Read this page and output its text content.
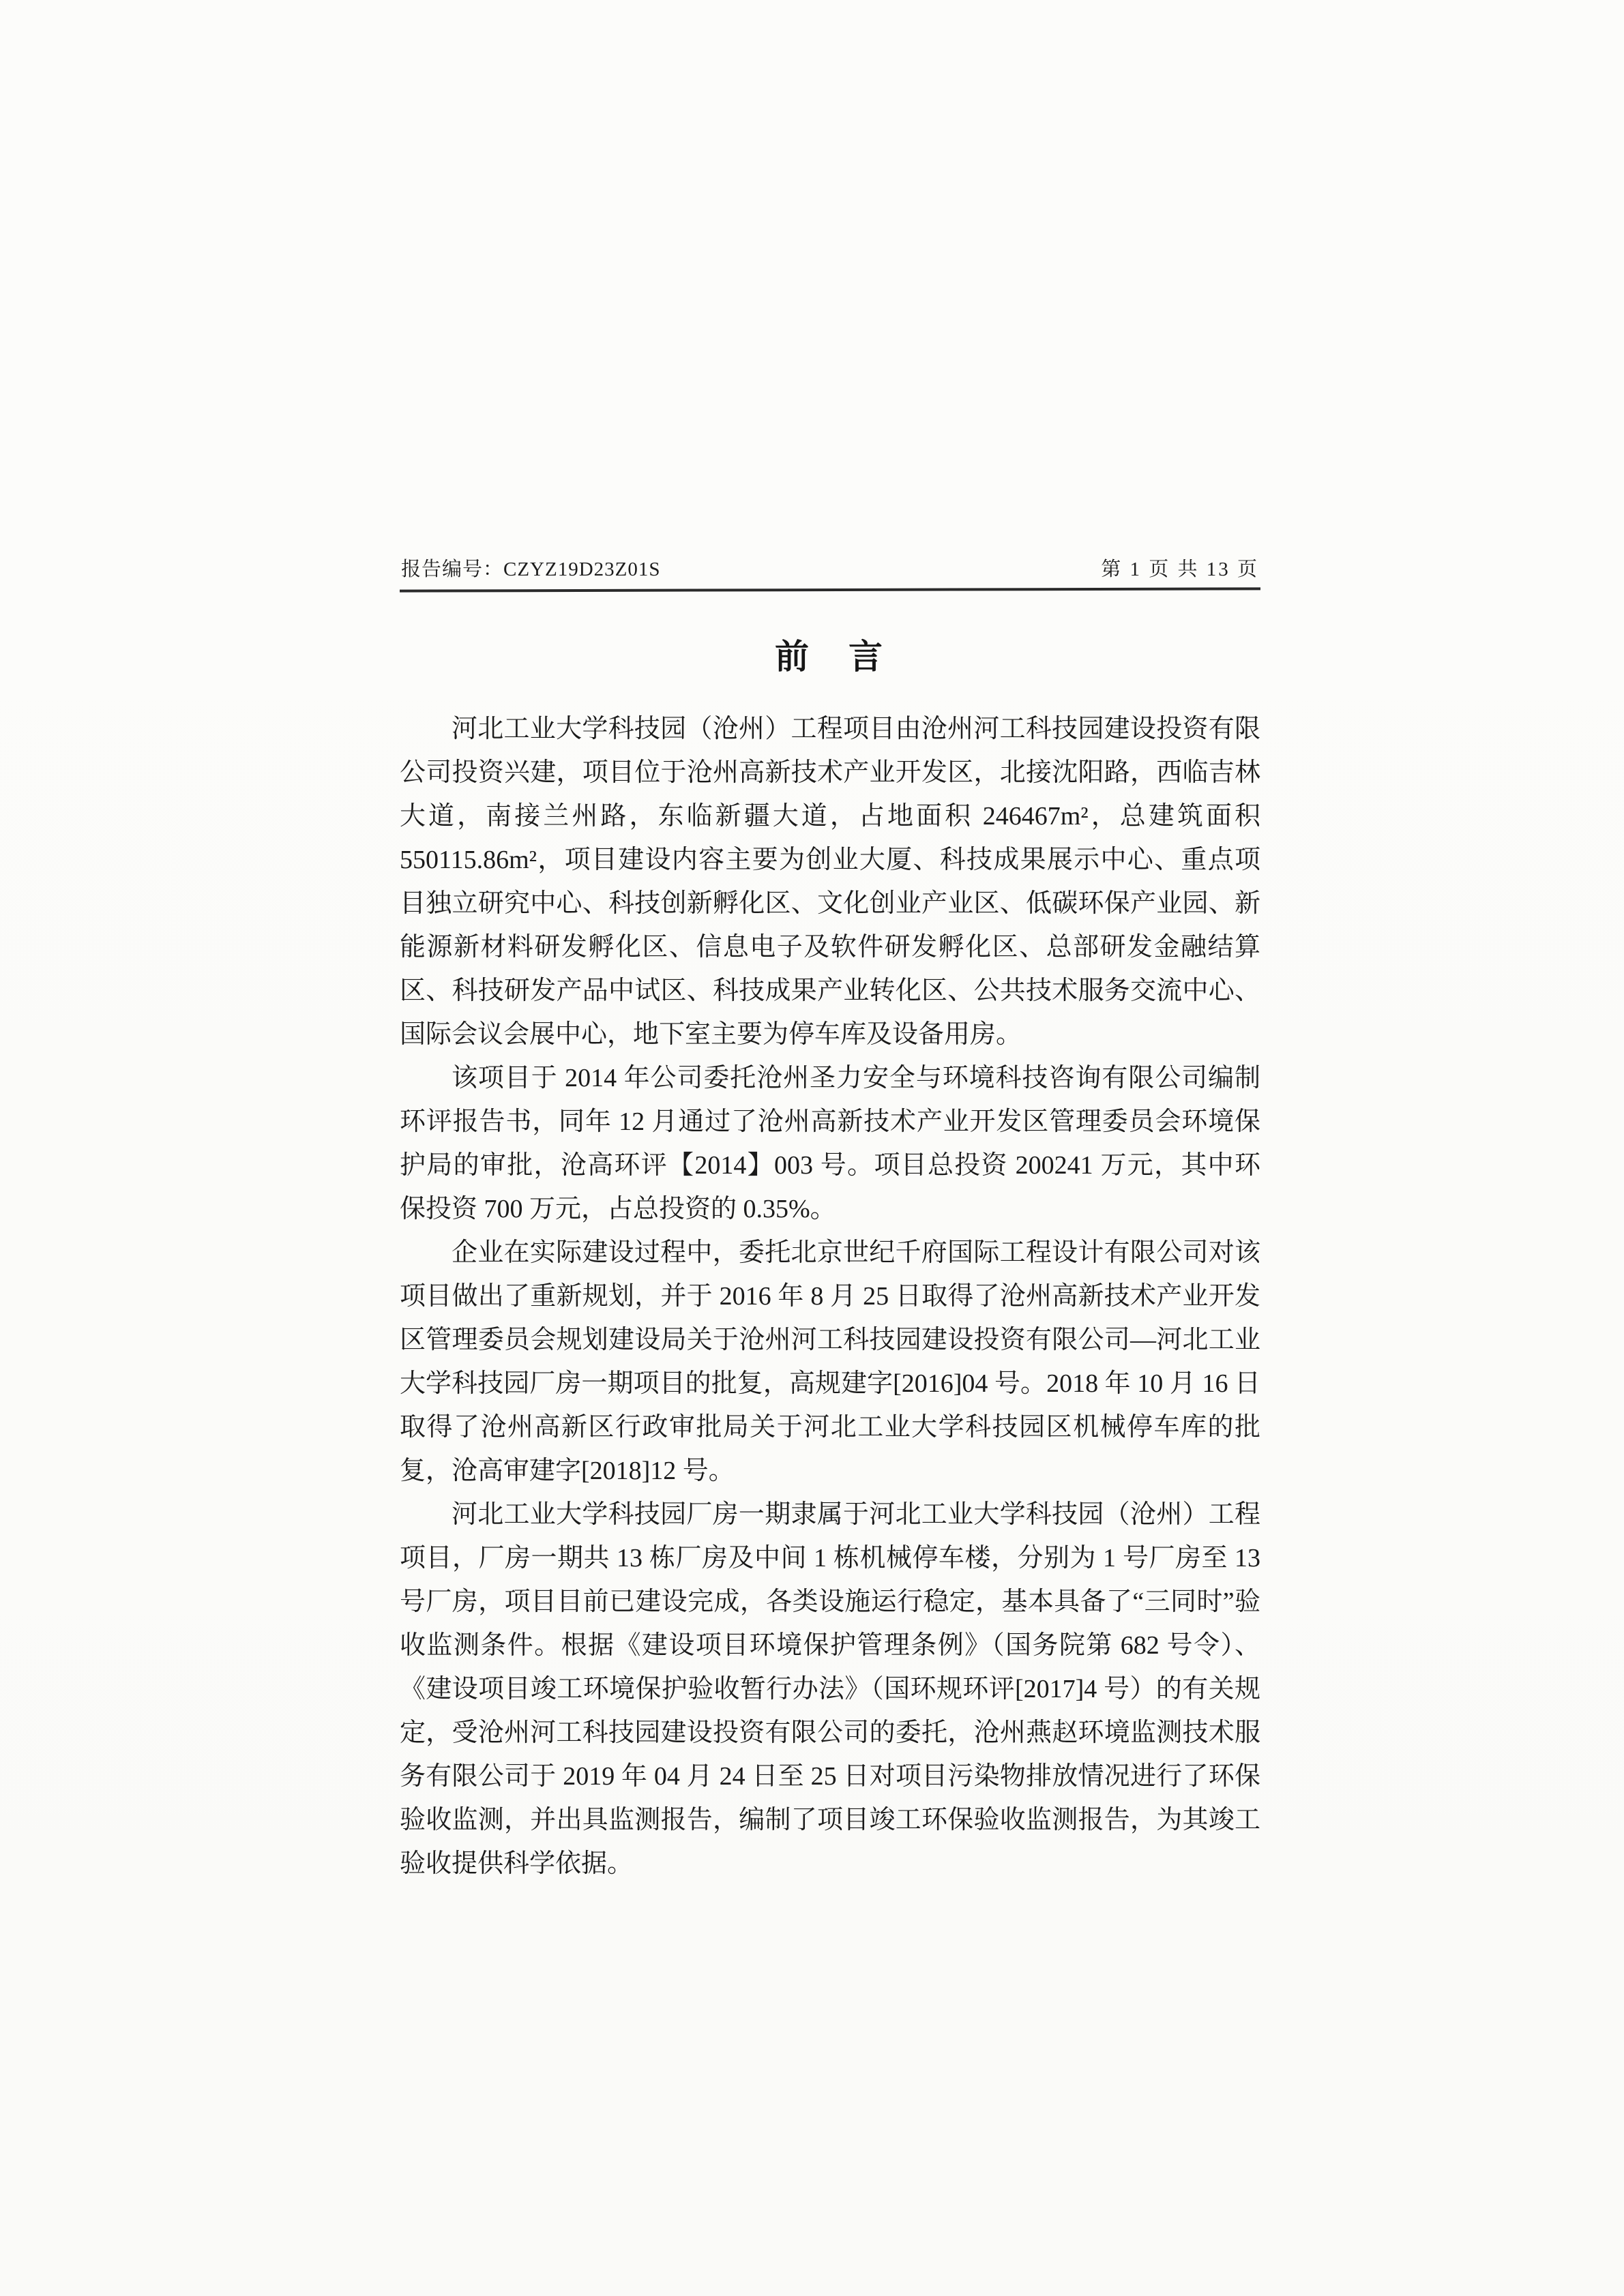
报告编号：CZYZ19D23Z01S	第 1 页 共 13 页
前　言

河北工业大学科技园（沧州）工程项目由沧州河工科技园建设投资有限公司投资兴建，项目位于沧州高新技术产业开发区，北接沈阳路，西临吉林大道，南接兰州路，东临新疆大道，占地面积 246467m²，总建筑面积 550115.86m²，项目建设内容主要为创业大厦、科技成果展示中心、重点项目独立研究中心、科技创新孵化区、文化创业产业区、低碳环保产业园、新能源新材料研发孵化区、信息电子及软件研发孵化区、总部研发金融结算区、科技研发产品中试区、科技成果产业转化区、公共技术服务交流中心、国际会议会展中心，地下室主要为停车库及设备用房。

该项目于 2014 年公司委托沧州圣力安全与环境科技咨询有限公司编制环评报告书，同年 12 月通过了沧州高新技术产业开发区管理委员会环境保护局的审批，沧高环评【2014】003 号。项目总投资 200241 万元，其中环保投资 700 万元，占总投资的 0.35%。

企业在实际建设过程中，委托北京世纪千府国际工程设计有限公司对该项目做出了重新规划，并于 2016 年 8 月 25 日取得了沧州高新技术产业开发区管理委员会规划建设局关于沧州河工科技园建设投资有限公司—河北工业大学科技园厂房一期项目的批复，高规建字[2016]04 号。2018 年 10 月 16 日取得了沧州高新区行政审批局关于河北工业大学科技园区机械停车库的批复，沧高审建字[2018]12 号。

河北工业大学科技园厂房一期隶属于河北工业大学科技园（沧州）工程项目，厂房一期共 13 栋厂房及中间 1 栋机械停车楼，分别为 1 号厂房至 13 号厂房，项目目前已建设完成，各类设施运行稳定，基本具备了“三同时”验收监测条件。根据《建设项目环境保护管理条例》（国务院第 682 号令）、《建设项目竣工环境保护验收暂行办法》（国环规环评[2017]4 号）的有关规定，受沧州河工科技园建设投资有限公司的委托，沧州燕赵环境监测技术服务有限公司于 2019 年 04 月 24 日至 25 日对项目污染物排放情况进行了环保验收监测，并出具监测报告，编制了项目竣工环保验收监测报告，为其竣工验收提供科学依据。
